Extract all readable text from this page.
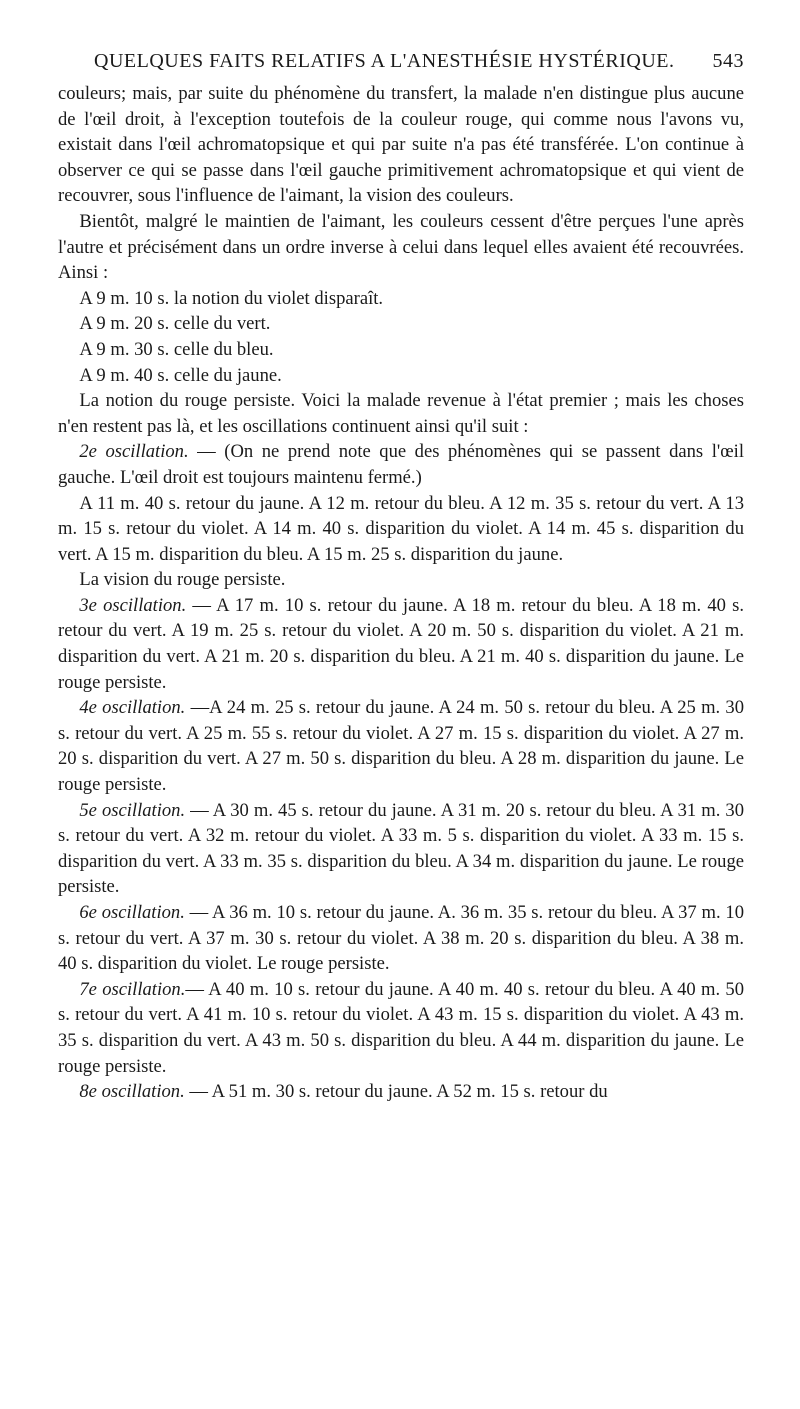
QUELQUES FAITS RELATIFS A L'ANESTHÉSIE HYSTÉRIQUE.	543

couleurs; mais, par suite du phénomène du transfert, la malade n'en distingue plus aucune de l'œil droit, à l'exception toutefois de la couleur rouge, qui comme nous l'avons vu, existait dans l'œil achromatopsique et qui par suite n'a pas été transférée. L'on continue à observer ce qui se passe dans l'œil gauche primitivement achromatopsique et qui vient de recouvrer, sous l'influence de l'aimant, la vision des couleurs.

Bientôt, malgré le maintien de l'aimant, les couleurs cessent d'être perçues l'une après l'autre et précisément dans un ordre inverse à celui dans lequel elles avaient été recouvrées. Ainsi :

A 9 m. 10 s. la notion du violet disparaît.

A 9 m. 20 s. celle du vert.

A 9 m. 30 s. celle du bleu.

A 9 m. 40 s. celle du jaune.

La notion du rouge persiste. Voici la malade revenue à l'état premier ; mais les choses n'en restent pas là, et les oscillations continuent ainsi qu'il suit :

2e oscillation. — (On ne prend note que des phénomènes qui se passent dans l'œil gauche. L'œil droit est toujours maintenu fermé.)

A 11 m. 40 s. retour du jaune. A 12 m. retour du bleu. A 12 m. 35 s. retour du vert. A 13 m. 15 s. retour du violet. A 14 m. 40 s. disparition du violet. A 14 m. 45 s. disparition du vert. A 15 m. disparition du bleu. A 15 m. 25 s. disparition du jaune.

La vision du rouge persiste.

3e oscillation. — A 17 m. 10 s. retour du jaune. A 18 m. retour du bleu. A 18 m. 40 s. retour du vert. A 19 m. 25 s. retour du violet. A 20 m. 50 s. disparition du violet. A 21 m. disparition du vert. A 21 m. 20 s. disparition du bleu. A 21 m. 40 s. disparition du jaune. Le rouge persiste.

4e oscillation. —A 24 m. 25 s. retour du jaune. A 24 m. 50 s. retour du bleu. A 25 m. 30 s. retour du vert. A 25 m. 55 s. retour du violet. A 27 m. 15 s. disparition du violet. A 27 m. 20 s. disparition du vert. A 27 m. 50 s. disparition du bleu. A 28 m. disparition du jaune. Le rouge persiste.

5e oscillation. — A 30 m. 45 s. retour du jaune. A 31 m. 20 s. retour du bleu. A 31 m. 30 s. retour du vert. A 32 m. retour du violet. A 33 m. 5 s. disparition du violet. A 33 m. 15 s. disparition du vert. A 33 m. 35 s. disparition du bleu. A 34 m. disparition du jaune. Le rouge persiste.

6e oscillation. — A 36 m. 10 s. retour du jaune. A. 36 m. 35 s. retour du bleu. A 37 m. 10 s. retour du vert. A 37 m. 30 s. retour du violet. A 38 m. 20 s. disparition du bleu. A 38 m. 40 s. disparition du violet. Le rouge persiste.

7e oscillation.— A 40 m. 10 s. retour du jaune. A 40 m. 40 s. retour du bleu. A 40 m. 50 s. retour du vert. A 41 m. 10 s. retour du violet. A 43 m. 15 s. disparition du violet. A 43 m. 35 s. disparition du vert. A 43 m. 50 s. disparition du bleu. A 44 m. disparition du jaune. Le rouge persiste.

8e oscillation. — A 51 m. 30 s. retour du jaune. A 52 m. 15 s. retour du
